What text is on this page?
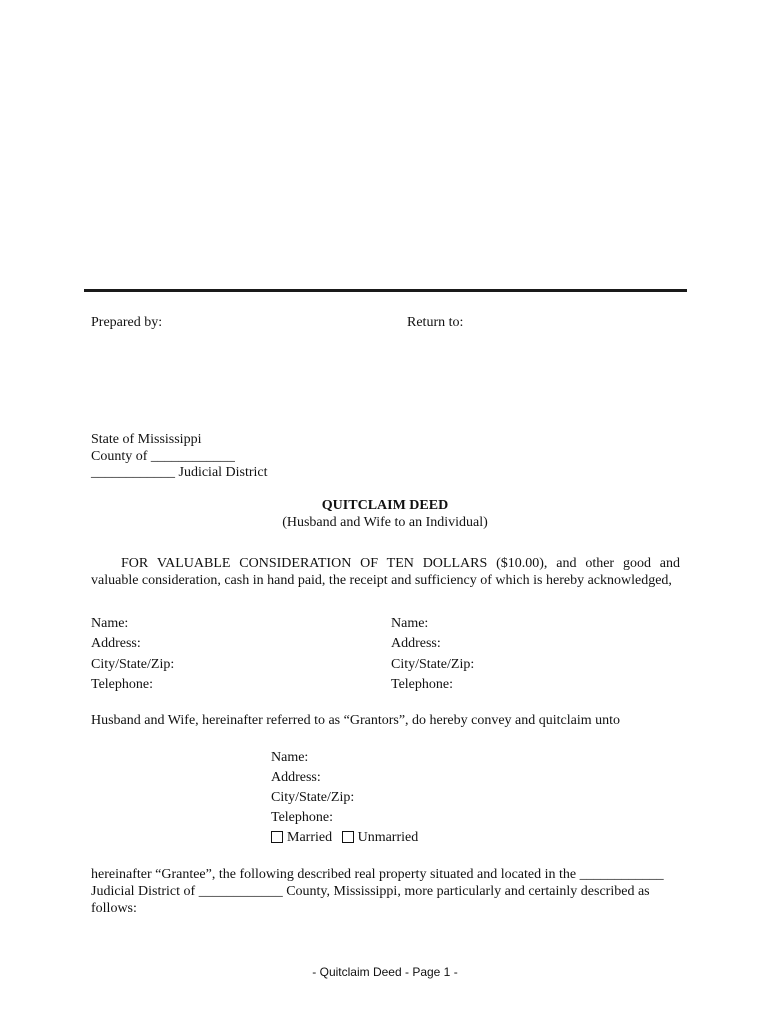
Prepared by:	Return to:
State of Mississippi
County of ____________
____________ Judicial District
QUITCLAIM DEED
(Husband and Wife to an Individual)
FOR VALUABLE CONSIDERATION OF TEN DOLLARS ($10.00), and other good and
valuable consideration, cash in hand paid, the receipt and sufficiency of which is hereby acknowledged,
Name:
Address:
City/State/Zip:
Telephone:
Name:
Address:
City/State/Zip:
Telephone:
Husband and Wife, hereinafter referred to as “Grantors”, do hereby convey and quitclaim unto
Name:
Address:
City/State/Zip:
Telephone:
Married Unmarried
hereinafter “Grantee”, the following described real property situated and located in the ____________
Judicial District of ____________ County, Mississippi, more particularly and certainly described as
follows:
- Quitclaim Deed - Page 1 -
